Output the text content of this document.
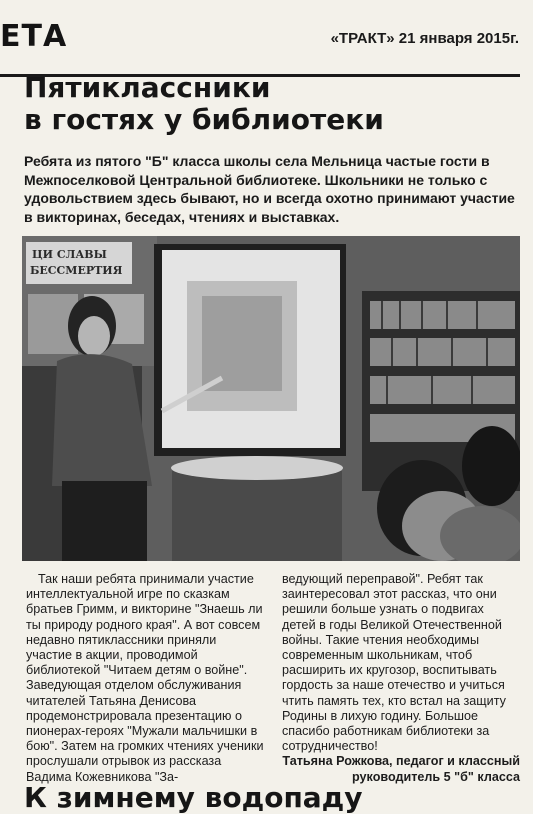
ЕТА	«ТРАКТ» 21 января 2015г.
Пятиклассники
в гостях у библиотеки
Ребята из пятого "Б" класса школы села Мельница частые гости в Межпоселковой Центральной библиотеке. Школьники не только с удовольствием здесь бывают, но и всегда охотно принимают участие в викторинах, беседах, чтениях и выставках.
ЦИ СЛАВЫ
БЕССМЕРТИЯ
Так наши ребята принимали участие интеллектуальной игре по сказкам братьев Гримм, и викторине "Знаешь ли ты природу родного края". А вот совсем недавно пятиклассники приняли участие в акции, проводимой библиотекой "Читаем детям о войне". Заведующая отделом обслуживания читателей Татьяна Денисова продемонстрировала презентацию о пионерах-героях "Мужали мальчишки в бою". Затем на громких чтениях ученики прослушали отрывок из рассказа Вадима Кожевникова "За-
ведующий переправой". Ребят так заинтересовал этот рассказ, что они решили больше узнать о подвигах детей в годы Великой Отечественной войны. Такие чтения необходимы современным школьникам, чтоб расширить их кругозор, воспитывать гордость за наше отечество и учиться чтить память тех, кто встал на защиту Родины в лихую годину. Большое спасибо работникам библиотеки за сотрудничество!
Татьяна Рожкова, педагог и классный руководитель 5 "б" класса
К зимнему водопаду
